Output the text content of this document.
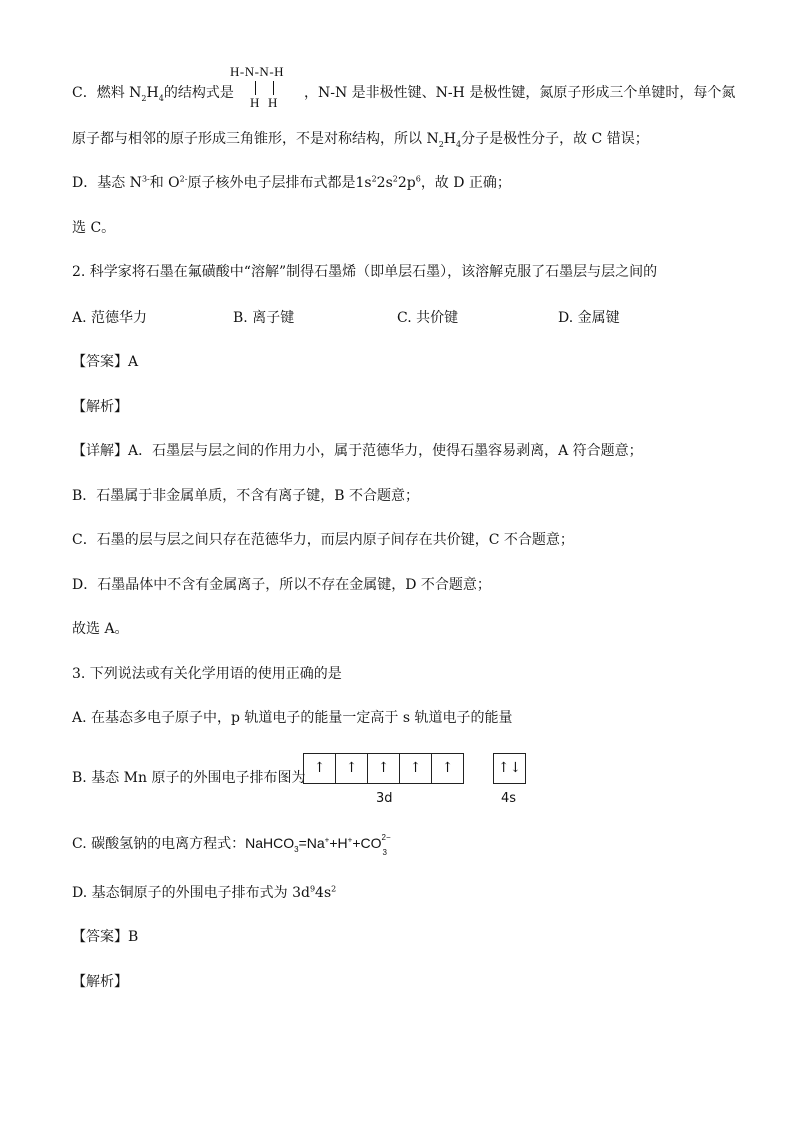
C．燃料 $N_2H_4$的结构式是
H-N-N-H
H H
，N-N 是非极性键、N-H 是极性键，氮原子形成三个单键时，每个氮
原子都与相邻的原子形成三角锥形，不是对称结构，所以 $N_2H_4$分子是极性分子，故 C 错误；
D．基态 $N^{3-}$和 $O^{2-}$原子核外电子层排布式都是$1s^22s^22p^6$，故 D 正确；
选 C。
2. 科学家将石墨在氟磺酸中“溶解”制得石墨烯（即单层石墨），该溶解克服了石墨层与层之间的
A. 范德华力	B. 离子键	C. 共价键	D. 金属键
【答案】A
【解析】
【详解】A．石墨层与层之间的作用力小，属于范德华力，使得石墨容易剥离，A 符合题意；
B．石墨属于非金属单质，不含有离子键，B 不合题意；
C．石墨的层与层之间只存在范德华力，而层内原子间存在共价键，C 不合题意；
D．石墨晶体中不含有金属离子，所以不存在金属键，D 不合题意；
故选 A。
3. 下列说法或有关化学用语的使用正确的是
A. 在基态多电子原子中，p 轨道电子的能量一定高于 s 轨道电子的能量
B. 基态 Mn 原子的外围电子排布图为
↑	↑	↑	↑	↑	↑↓
3d	4s
C. 碳酸氢钠的电离方程式：NaHCO$_3$=Na++H++CO 2−
3
D. 基态铜原子的外围电子排布式为 $3d^94s^2$
【答案】B
【解析】
